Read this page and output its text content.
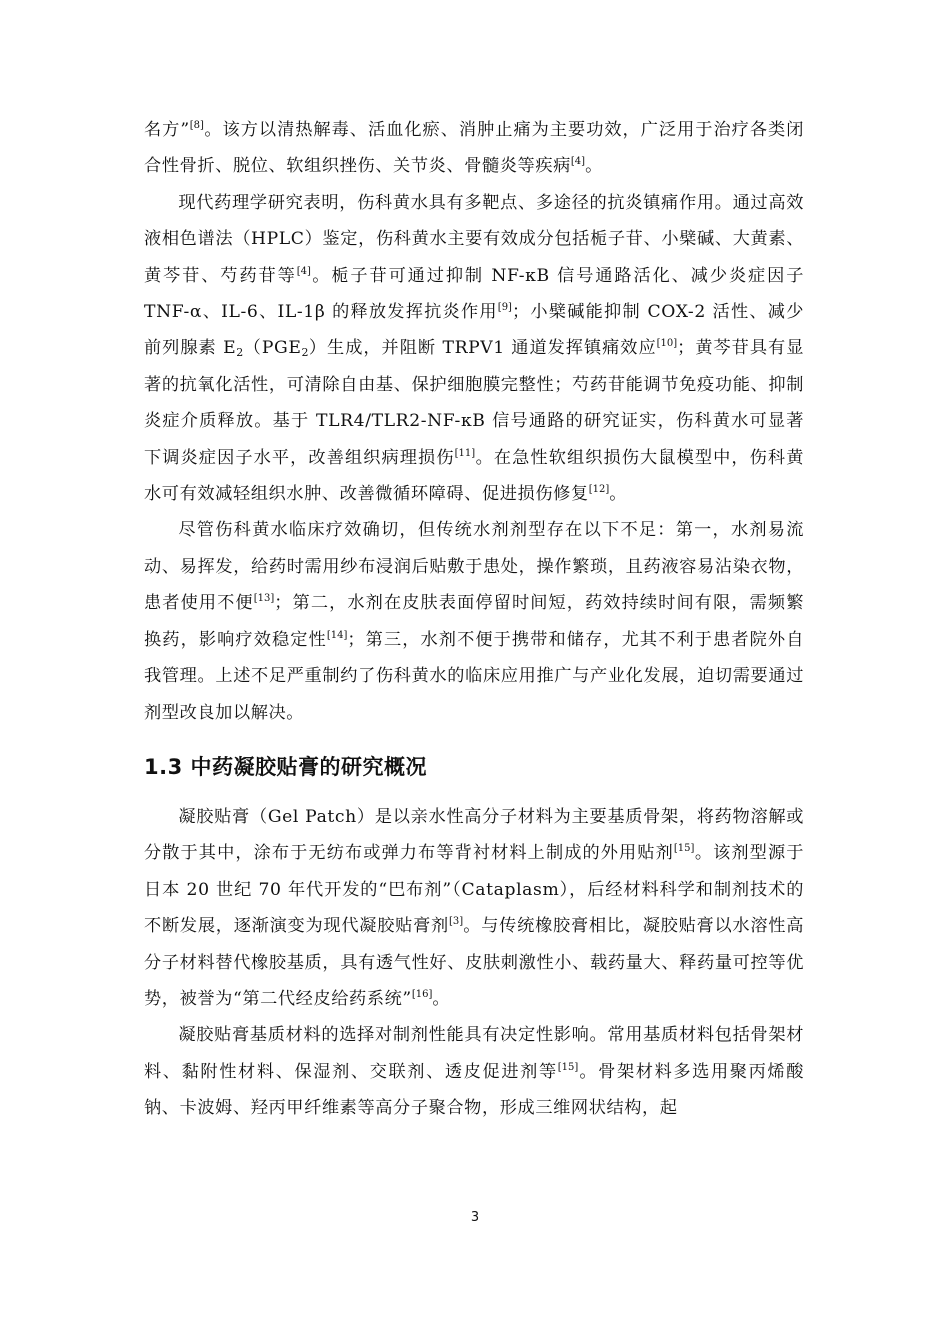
名方”[8]。该方以清热解毒、活血化瘀、消肿止痛为主要功效，广泛用于治疗各类闭合性骨折、脱位、软组织挫伤、关节炎、骨髓炎等疾病[4]。

现代药理学研究表明，伤科黄水具有多靶点、多途径的抗炎镇痛作用。通过高效液相色谱法（HPLC）鉴定，伤科黄水主要有效成分包括栀子苷、小檗碱、大黄素、黄芩苷、芍药苷等[4]。栀子苷可通过抑制 NF-κB 信号通路活化、减少炎症因子 TNF-α、IL-6、IL-1β 的释放发挥抗炎作用[9]；小檗碱能抑制 COX-2 活性、减少前列腺素 $E_2(PGE_2)$生成，并阻断 TRPV1 通道发挥镇痛效应[10]；黄芩苷具有显著的抗氧化活性，可清除自由基、保护细胞膜完整性；芍药苷能调节免疫功能、抑制炎症介质释放。基于 TLR4/TLR2-NF-κB 信号通路的研究证实，伤科黄水可显著下调炎症因子水平，改善组织病理损伤[11]。在急性软组织损伤大鼠模型中，伤科黄水可有效减轻组织水肿、改善微循环障碍、促进损伤修复[12]。

尽管伤科黄水临床疗效确切，但传统水剂剂型存在以下不足：第一，水剂易流动、易挥发，给药时需用纱布浸润后贴敷于患处，操作繁琐，且药液容易沾染衣物，患者使用不便[13]；第二，水剂在皮肤表面停留时间短，药效持续时间有限，需频繁换药，影响疗效稳定性[14]；第三，水剂不便于携带和储存，尤其不利于患者院外自我管理。上述不足严重制约了伤科黄水的临床应用推广与产业化发展，迫切需要通过剂型改良加以解决。

1.3 中药凝胶贴膏的研究概况

凝胶贴膏（Gel Patch）是以亲水性高分子材料为主要基质骨架，将药物溶解或分散于其中，涂布于无纺布或弹力布等背衬材料上制成的外用贴剂[15]。该剂型源于日本 20 世纪 70 年代开发的“巴布剂”（Cataplasm），后经材料科学和制剂技术的不断发展，逐渐演变为现代凝胶贴膏剂[3]。与传统橡胶膏相比，凝胶贴膏以水溶性高分子材料替代橡胶基质，具有透气性好、皮肤刺激性小、载药量大、释药量可控等优势，被誉为“第二代经皮给药系统”[16]。

凝胶贴膏基质材料的选择对制剂性能具有决定性影响。常用基质材料包括骨架材料、黏附性材料、保湿剂、交联剂、透皮促进剂等[15]。骨架材料多选用聚丙烯酸钠、卡波姆、羟丙甲纤维素等高分子聚合物，形成三维网状结构，起

3
